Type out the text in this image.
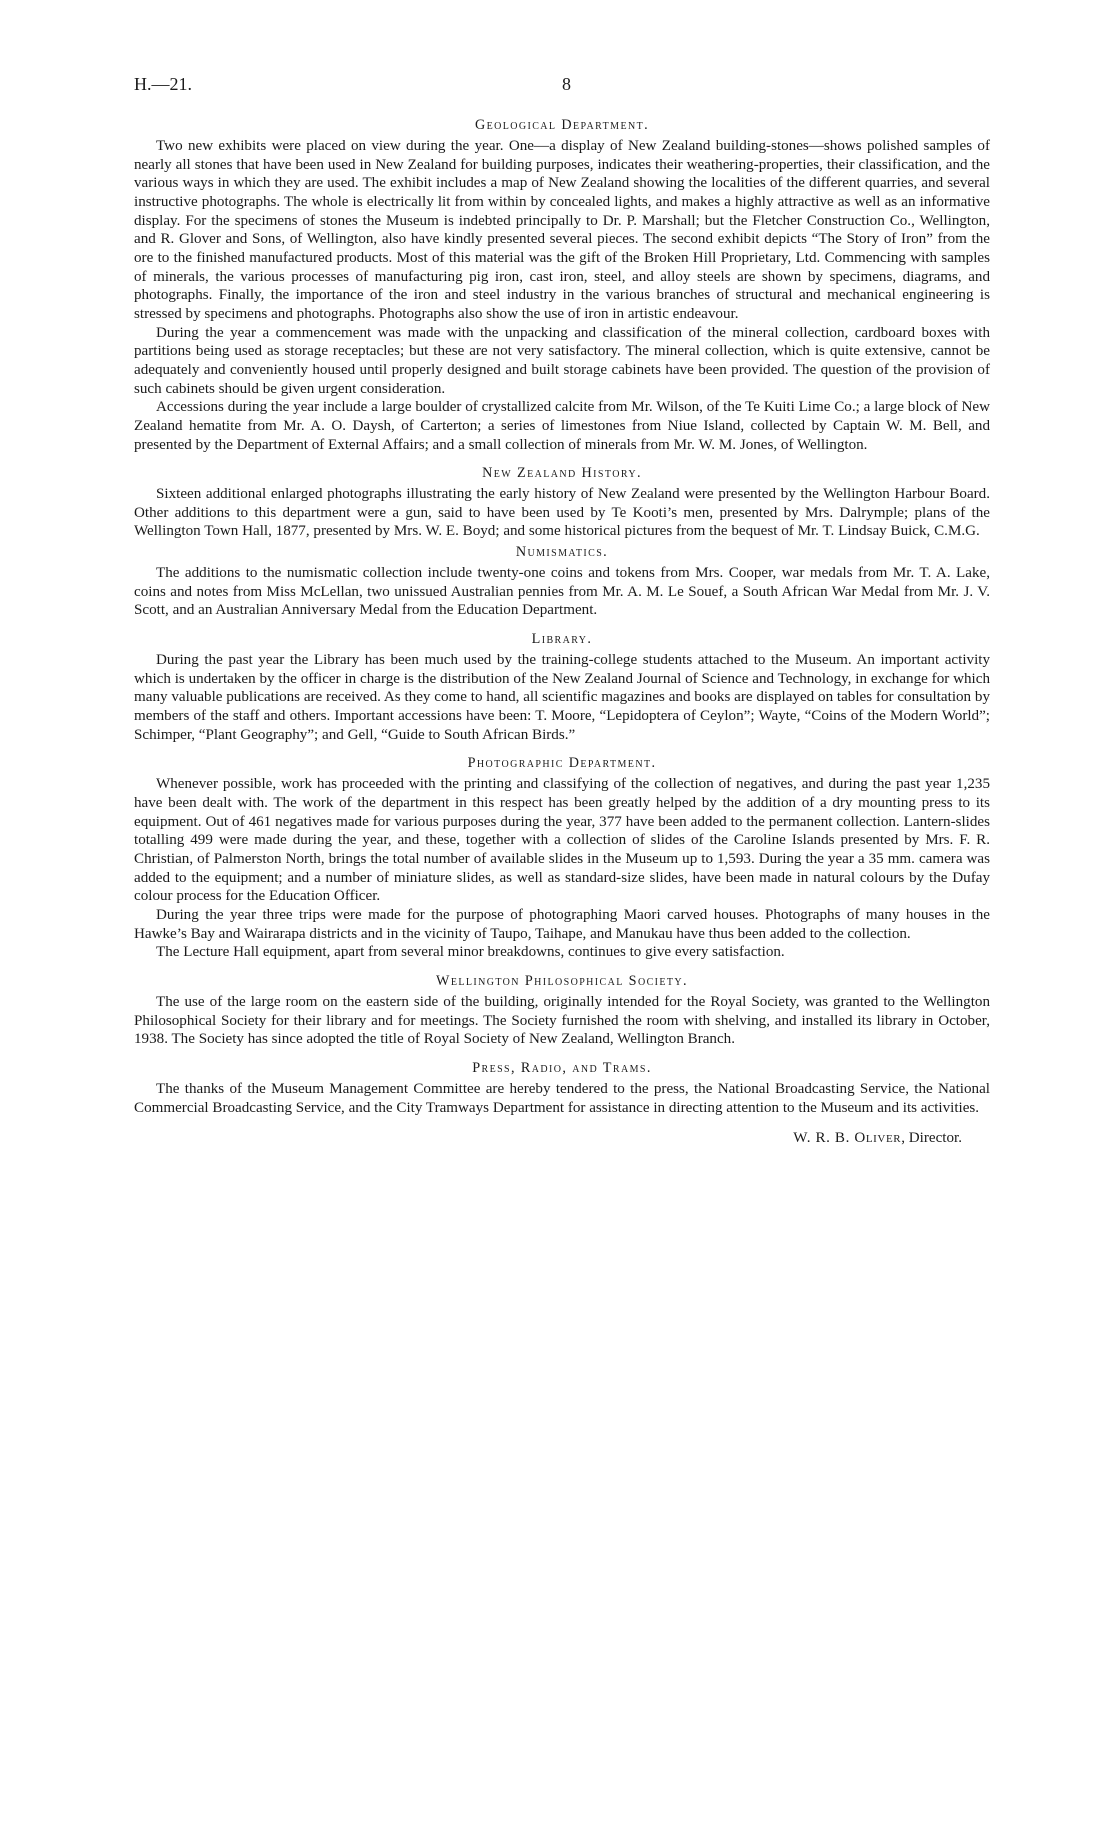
H.—21.	8
Geological Department.

Two new exhibits were placed on view during the year. One—a display of New Zealand building-stones—shows polished samples of nearly all stones that have been used in New Zealand for building purposes, indicates their weathering-properties, their classification, and the various ways in which they are used. The exhibit includes a map of New Zealand showing the localities of the different quarries, and several instructive photographs. The whole is electrically lit from within by concealed lights, and makes a highly attractive as well as an informative display. For the specimens of stones the Museum is indebted principally to Dr. P. Marshall; but the Fletcher Construction Co., Wellington, and R. Glover and Sons, of Wellington, also have kindly presented several pieces. The second exhibit depicts “The Story of Iron” from the ore to the finished manufactured products. Most of this material was the gift of the Broken Hill Proprietary, Ltd. Commencing with samples of minerals, the various processes of manufacturing pig iron, cast iron, steel, and alloy steels are shown by specimens, diagrams, and photographs. Finally, the importance of the iron and steel industry in the various branches of structural and mechanical engineering is stressed by specimens and photographs. Photographs also show the use of iron in artistic endeavour.

During the year a commencement was made with the unpacking and classification of the mineral collection, cardboard boxes with partitions being used as storage receptacles; but these are not very satisfactory. The mineral collection, which is quite extensive, cannot be adequately and conveniently housed until properly designed and built storage cabinets have been provided. The question of the provision of such cabinets should be given urgent consideration.

Accessions during the year include a large boulder of crystallized calcite from Mr. Wilson, of the Te Kuiti Lime Co.; a large block of New Zealand hematite from Mr. A. O. Daysh, of Carterton; a series of limestones from Niue Island, collected by Captain W. M. Bell, and presented by the Department of External Affairs; and a small collection of minerals from Mr. W. M. Jones, of Wellington.

New Zealand History.

Sixteen additional enlarged photographs illustrating the early history of New Zealand were presented by the Wellington Harbour Board. Other additions to this department were a gun, said to have been used by Te Kooti’s men, presented by Mrs. Dalrymple; plans of the Wellington Town Hall, 1877, presented by Mrs. W. E. Boyd; and some historical pictures from the bequest of Mr. T. Lindsay Buick, C.M.G.

Numismatics.

The additions to the numismatic collection include twenty-one coins and tokens from Mrs. Cooper, war medals from Mr. T. A. Lake, coins and notes from Miss McLellan, two unissued Australian pennies from Mr. A. M. Le Souef, a South African War Medal from Mr. J. V. Scott, and an Australian Anniversary Medal from the Education Department.

Library.

During the past year the Library has been much used by the training-college students attached to the Museum. An important activity which is undertaken by the officer in charge is the distribution of the New Zealand Journal of Science and Technology, in exchange for which many valuable publications are received. As they come to hand, all scientific magazines and books are displayed on tables for consultation by members of the staff and others. Important accessions have been: T. Moore, “Lepidoptera of Ceylon”; Wayte, “Coins of the Modern World”; Schimper, “Plant Geography”; and Gell, “Guide to South African Birds.”

Photographic Department.

Whenever possible, work has proceeded with the printing and classifying of the collection of negatives, and during the past year 1,235 have been dealt with. The work of the department in this respect has been greatly helped by the addition of a dry mounting press to its equipment. Out of 461 negatives made for various purposes during the year, 377 have been added to the permanent collection. Lantern-slides totalling 499 were made during the year, and these, together with a collection of slides of the Caroline Islands presented by Mrs. F. R. Christian, of Palmerston North, brings the total number of available slides in the Museum up to 1,593. During the year a 35 mm. camera was added to the equipment; and a number of miniature slides, as well as standard-size slides, have been made in natural colours by the Dufay colour process for the Education Officer.

During the year three trips were made for the purpose of photographing Maori carved houses. Photographs of many houses in the Hawke’s Bay and Wairarapa districts and in the vicinity of Taupo, Taihape, and Manukau have thus been added to the collection.

The Lecture Hall equipment, apart from several minor breakdowns, continues to give every satisfaction.

Wellington Philosophical Society.

The use of the large room on the eastern side of the building, originally intended for the Royal Society, was granted to the Wellington Philosophical Society for their library and for meetings. The Society furnished the room with shelving, and installed its library in October, 1938. The Society has since adopted the title of Royal Society of New Zealand, Wellington Branch.

Press, Radio, and Trams.

The thanks of the Museum Management Committee are hereby tendered to the press, the National Broadcasting Service, the National Commercial Broadcasting Service, and the City Tramways Department for assistance in directing attention to the Museum and its activities.

W. R. B. Oliver, Director.
